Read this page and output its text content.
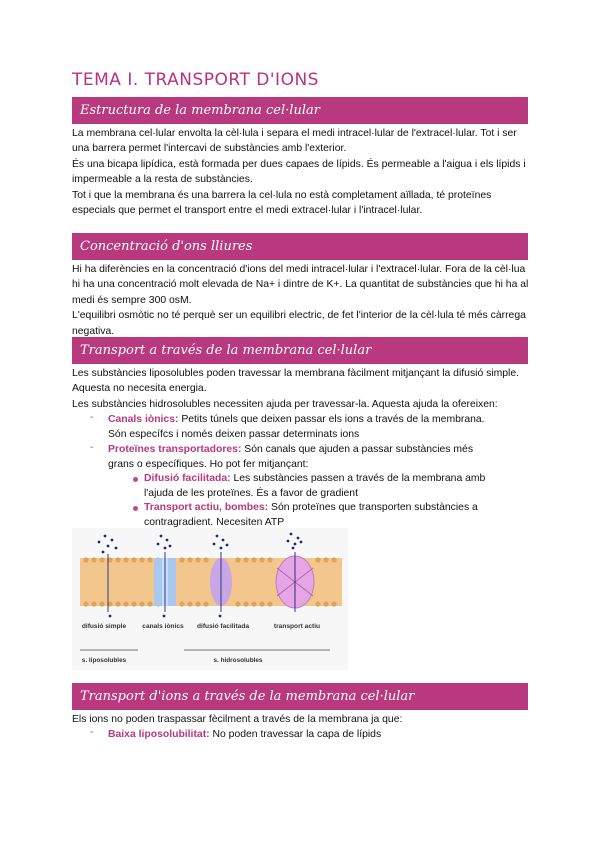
TEMA I. TRANSPORT D'IONS
Estructura de la membrana cel·lular

La membrana cel·lular envolta la cèl·lula i separa el medi intracel·lular de l'extracel·lular. Tot i ser una barrera permet l'intercavi de substàncies amb l'exterior.

És una bicapa lipídica, està formada per dues capaes de lípids. És permeable a l'aigua i els lípids i impermeable a la resta de substàncies.

Tot i que la membrana és una barrera la cel·lula no està completament aïllada, té proteïnes especials que permet el transport entre el medi extracel·lular i l'intracel·lular.

Concentració d'ons lliures

Hi ha diferències en la concentració d'ions del medi intracel·lular i l'extracel·lular. Fora de la cèl·lua hi ha una concentració molt elevada de Na+ i dintre de K+. La quantitat de substàncies que hi ha al medi és sempre 300 osM.

L'equilibri osmòtic no té perquè ser un equilibri electric, de fet l'interior de la cèl·lula té més càrrega negativa.

Transport a través de la membrana cel·lular

Les substàncies liposolubles poden travessar la membrana fàcilment mitjançant la difusió simple. Aquesta no necesita energia.

Les substàncies hidrosolubles necessiten ajuda per travessar-la. Aquesta ajuda la ofereixen:

- Canals iònics: Petits túnels que deixen passar els ions a través de la membrana.
Són específcs i només deixen passar determinats ions
- Proteïnes transportadores: Són canals que ajuden a passar substàncies més
grans o específiques. Ho pot fer mitjançant:
Difusió facilitada: Les substàncies passen a través de la membrana amb
l'ajuda de les proteïnes. És a favor de gradient
Transport actiu, bombes: Són proteïnes que transporten substàncies a
contragradient. Necesiten ATP
difusió simple canals iònics difusió facilitada	transport actiu
s. liposolubles	s. hidrosolubles
Transport d'ions a través de la membrana cel·lular

Els ions no poden traspassar fècilment a través de la membrana ja que:

- Baixa liposolubilitat: No poden travessar la capa de lípids
